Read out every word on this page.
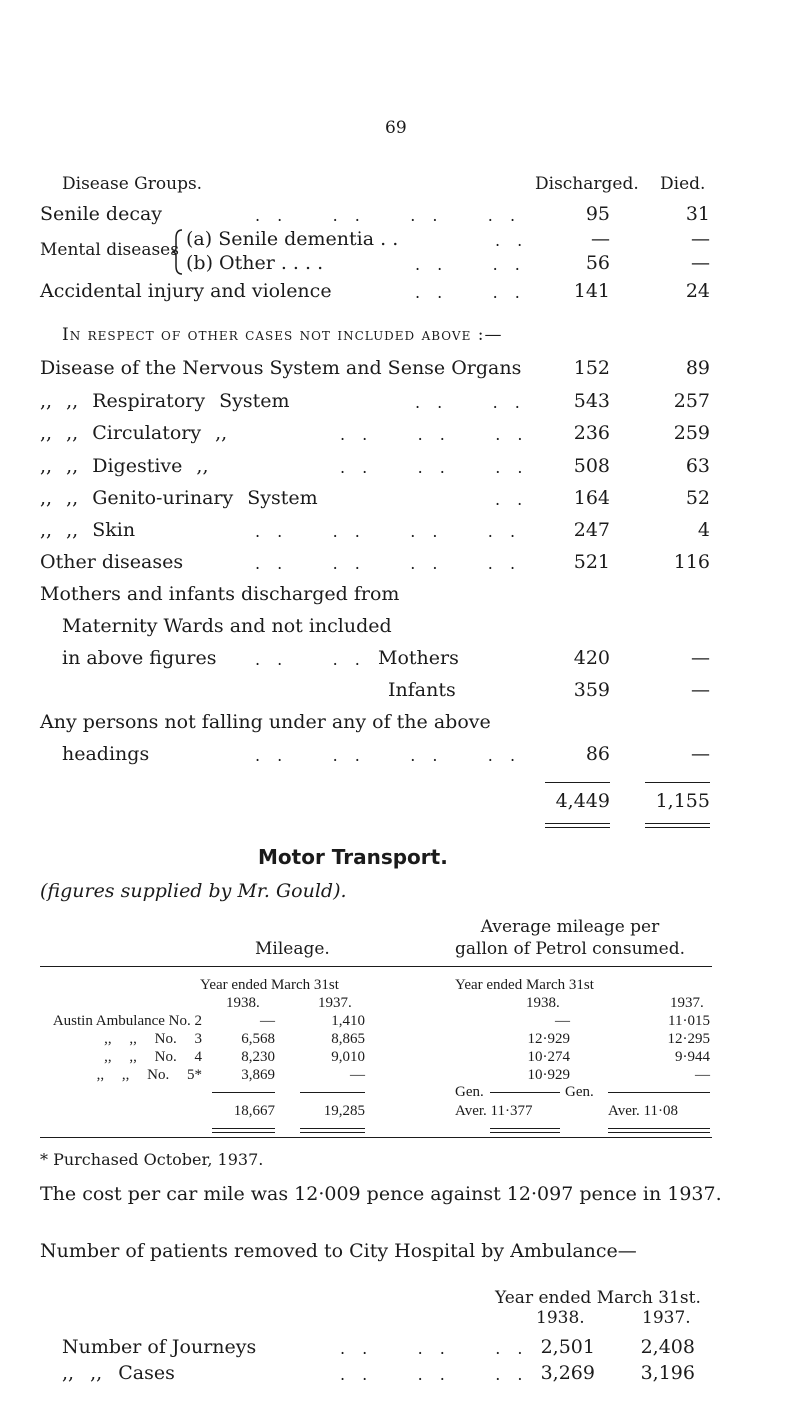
69
Disease Groups.	Discharged. Died.
Senile decay	. .    . .    . .    . .	95	31
Mental diseases (a) Senile dementia . .	. .	—	—
(b) Other . . . .	. .    . .	56	—
Accidental injury and violence	. .    . .	141	24
In respect of other cases not included above :—
Disease of the Nervous System and Sense Organs	152	89
,, ,, Respiratory System	. .    . .	543	257
,, ,, Circulatory ,,	. .    . .    . .	236	259
,, ,, Digestive ,,	. .    . .    . .	508	63
,, ,, Genito-urinary System	. .	164	52
,, ,, Skin	. .    . .    . .    . .	247	4
Other diseases	. .    . .    . .    . .	521	116
Mothers and infants discharged from
Maternity Wards and not included
in above figures . .    . . Mothers	420	—
Infants	359	—
Any persons not falling under any of the above
headings	. .    . .    . .    . .	86	—
4,449	1,155
Motor Transport.
(figures supplied by Mr. Gould).
Average mileage per
Mileage.	gallon of Petrol consumed.
Year ended March 31st	Year ended March 31st
1938.	1937.	1938.	1937.
Austin Ambulance No. 2	—	1,410	—	11·015
,, ,, No. 3	6,568	8,865	12·929	12·295
,, ,, No. 4	8,230	9,010	10·274	9·944
,, ,, No. 5*	3,869	—	10·929	—
Gen.	Gen.
18,667	19,285	Aver. 11·377	Aver. 11·08
* Purchased October, 1937.
The cost per car mile was 12·009 pence against 12·097 pence in 1937.
Number of patients removed to City Hospital by Ambulance—
Year ended March 31st.
1938.	1937.
Number of Journeys	. .    . .    . . 2,501	2,408
,, ,, Cases	. .    . .    . . 3,269	3,196
